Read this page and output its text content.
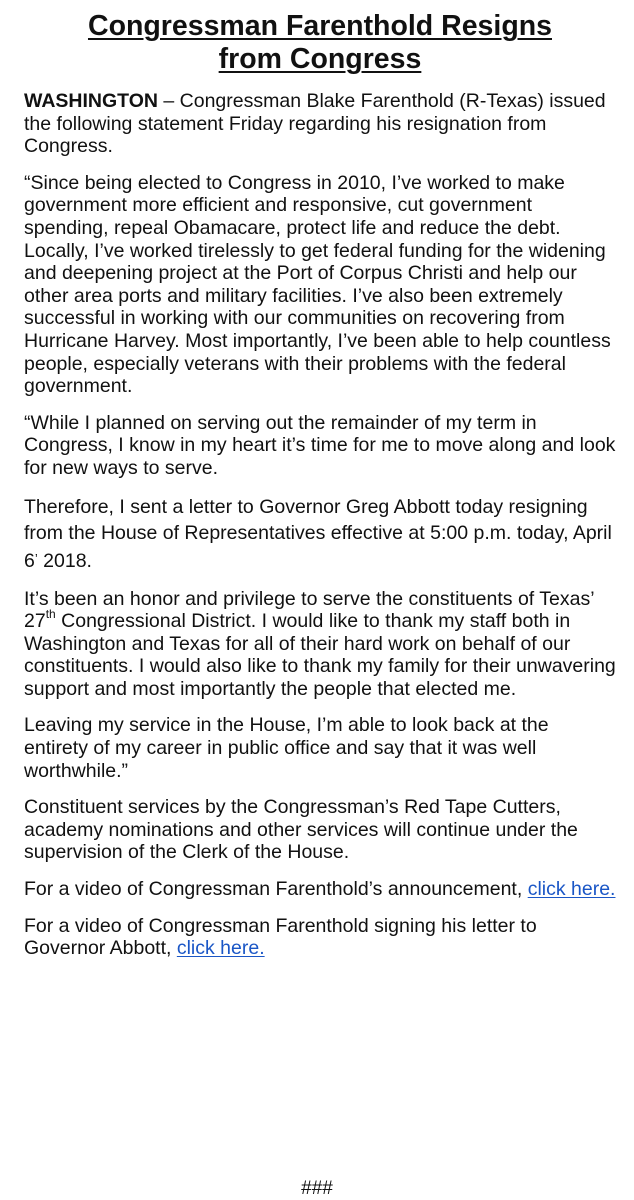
Congressman Farenthold Resigns
from Congress

WASHINGTON – Congressman Blake Farenthold (R-Texas) issued the following statement Friday regarding his resignation from Congress.

“Since being elected to Congress in 2010, I’ve worked to make government more efficient and responsive, cut government spending, repeal Obamacare, protect life and reduce the debt. Locally, I’ve worked tirelessly to get federal funding for the widening and deepening project at the Port of Corpus Christi and help our other area ports and military facilities. I’ve also been extremely successful in working with our communities on recovering from Hurricane Harvey. Most importantly, I’ve been able to help countless people, especially veterans with their problems with the federal government.

“While I planned on serving out the remainder of my term in Congress, I know in my heart it’s time for me to move along and look for new ways to serve.

Therefore, I sent a letter to Governor Greg Abbott today resigning from the House of Representatives effective at 5:00 p.m. today, April 6’ 2018.

It’s been an honor and privilege to serve the constituents of Texas’ 27th Congressional District. I would like to thank my staff both in Washington and Texas for all of their hard work on behalf of our constituents. I would also like to thank my family for their unwavering support and most importantly the people that elected me.

Leaving my service in the House, I’m able to look back at the entirety of my career in public office and say that it was well worthwhile.”

Constituent services by the Congressman’s Red Tape Cutters, academy nominations and other services will continue under the supervision of the Clerk of the House.

For a video of Congressman Farenthold’s announcement, click here.

For a video of Congressman Farenthold signing his letter to Governor Abbott, click here.

###
